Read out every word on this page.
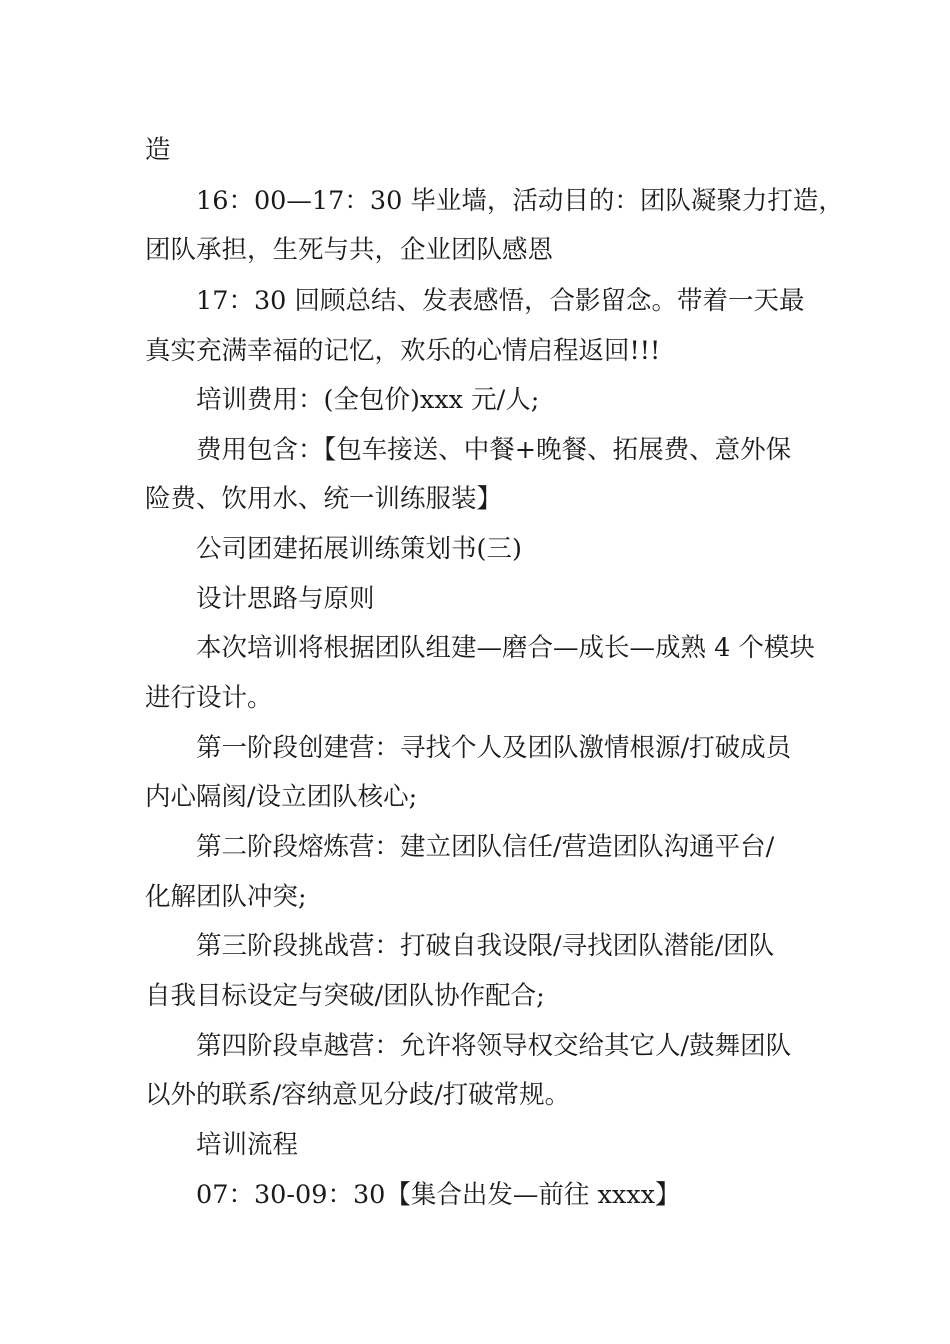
造
16：00—17：30 毕业墙，活动目的：团队凝聚力打造，
团队承担，生死与共，企业团队感恩
17：30 回顾总结、发表感悟，合影留念。带着一天最
真实充满幸福的记忆，欢乐的心情启程返回!!!
培训费用：(全包价)xxx 元/人;
费用包含：【包车接送、中餐+晚餐、拓展费、意外保
险费、饮用水、统一训练服装】
公司团建拓展训练策划书(三)
设计思路与原则
本次培训将根据团队组建—磨合—成长—成熟 4 个模块
进行设计。
第一阶段创建营：寻找个人及团队激情根源/打破成员
内心隔阂/设立团队核心;
第二阶段熔炼营：建立团队信任/营造团队沟通平台/
化解团队冲突;
第三阶段挑战营：打破自我设限/寻找团队潜能/团队
自我目标设定与突破/团队协作配合;
第四阶段卓越营：允许将领导权交给其它人/鼓舞团队
以外的联系/容纳意见分歧/打破常规。
培训流程
07：30-09：30【集合出发—前往 xxxx】
